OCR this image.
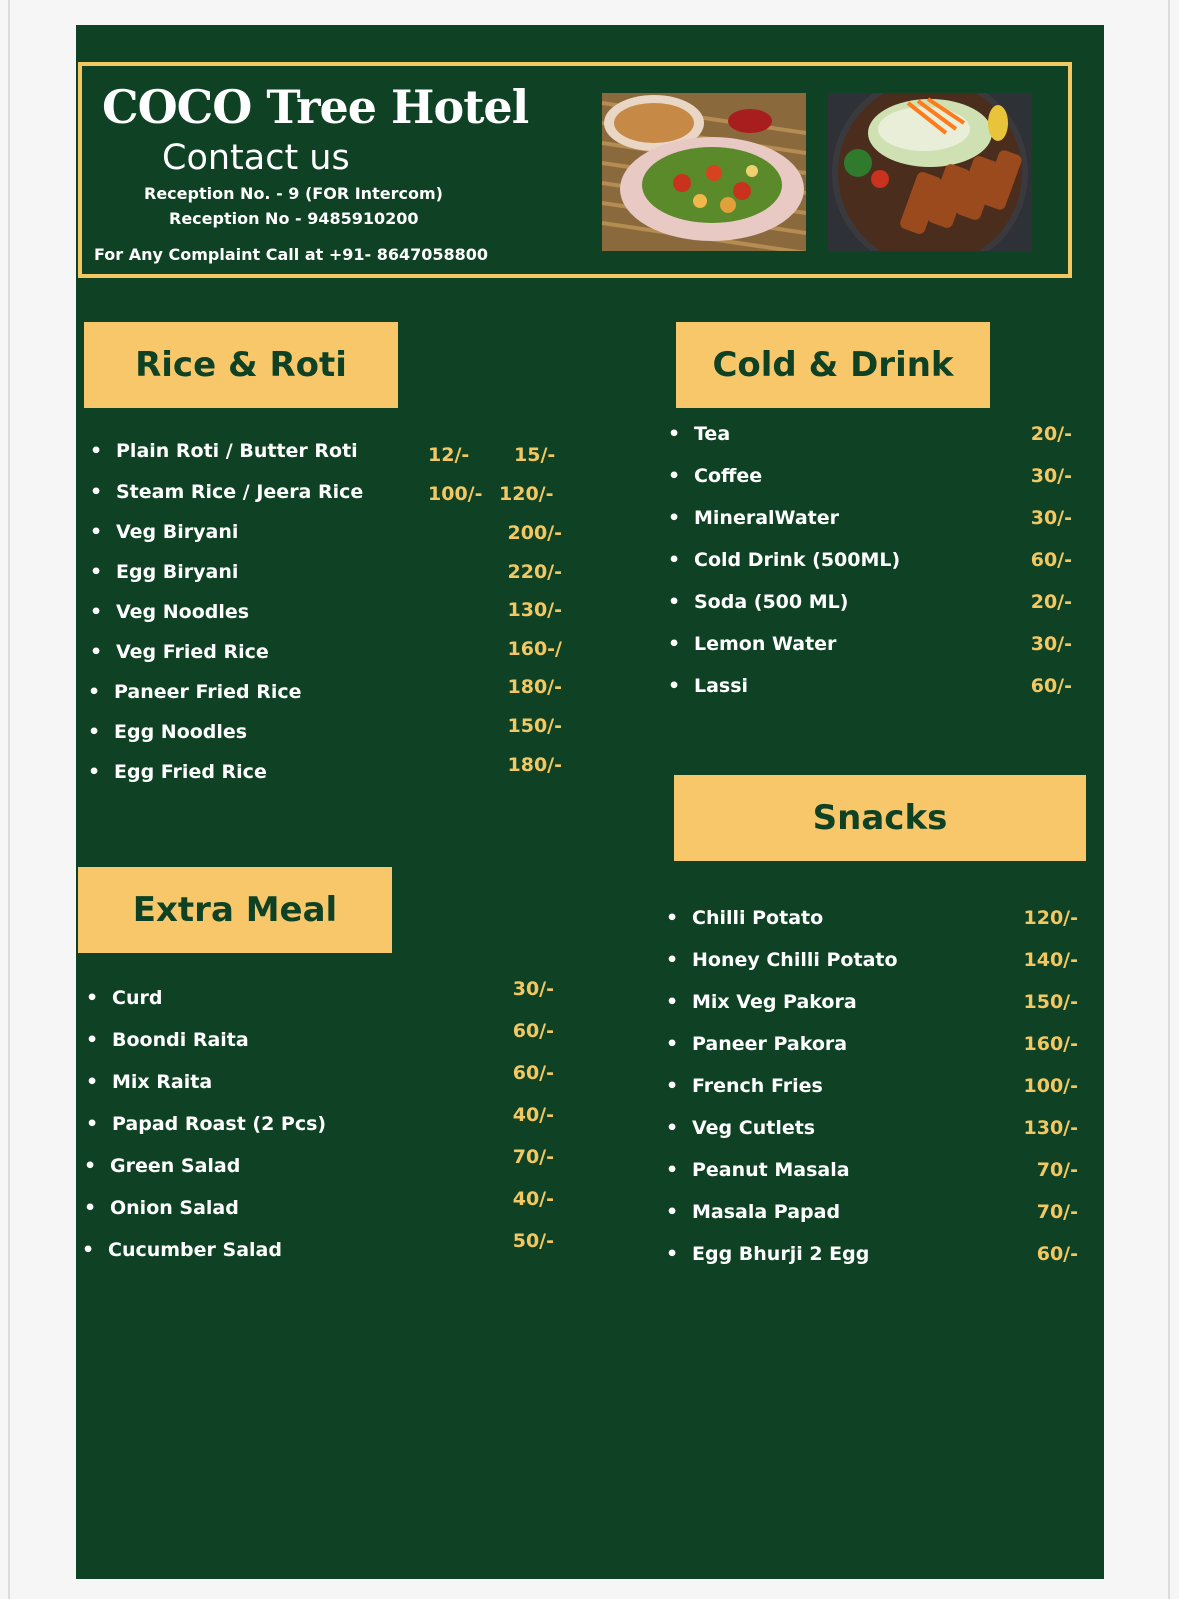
COCO Tree Hotel
Contact us
Reception No. - 9 (FOR Intercom)
Reception No - 9485910200
For Any Complaint Call at +91- 8647058800
Rice & Roti
• Plain Roti / Butter Roti	12/- 15/-
• Steam Rice / Jeera Rice	100/- 120/-
• Veg Biryani	200/-
• Egg Biryani	220/-
• Veg Noodles	130/-
• Veg Fried Rice	160-/
• Paneer Fried Rice	180/-
• Egg Noodles	150/-
• Egg Fried Rice	180/-
Extra Meal
• Curd	30/-
• Boondi Raita	60/-
• Mix Raita	60/-
• Papad Roast (2 Pcs)	40/-
• Green Salad	70/-
• Onion Salad	40/-
• Cucumber Salad	50/-
Cold & Drink
• Tea	20/-
• Coffee	30/-
• MineralWater	30/-
• Cold Drink (500ML)	60/-
• Soda (500 ML)	20/-
• Lemon Water	30/-
• Lassi	60/-
Snacks
• Chilli Potato	120/-
• Honey Chilli Potato	140/-
• Mix Veg Pakora	150/-
• Paneer Pakora	160/-
• French Fries	100/-
• Veg Cutlets	130/-
• Peanut Masala	70/-
• Masala Papad	70/-
• Egg Bhurji 2 Egg	60/-
